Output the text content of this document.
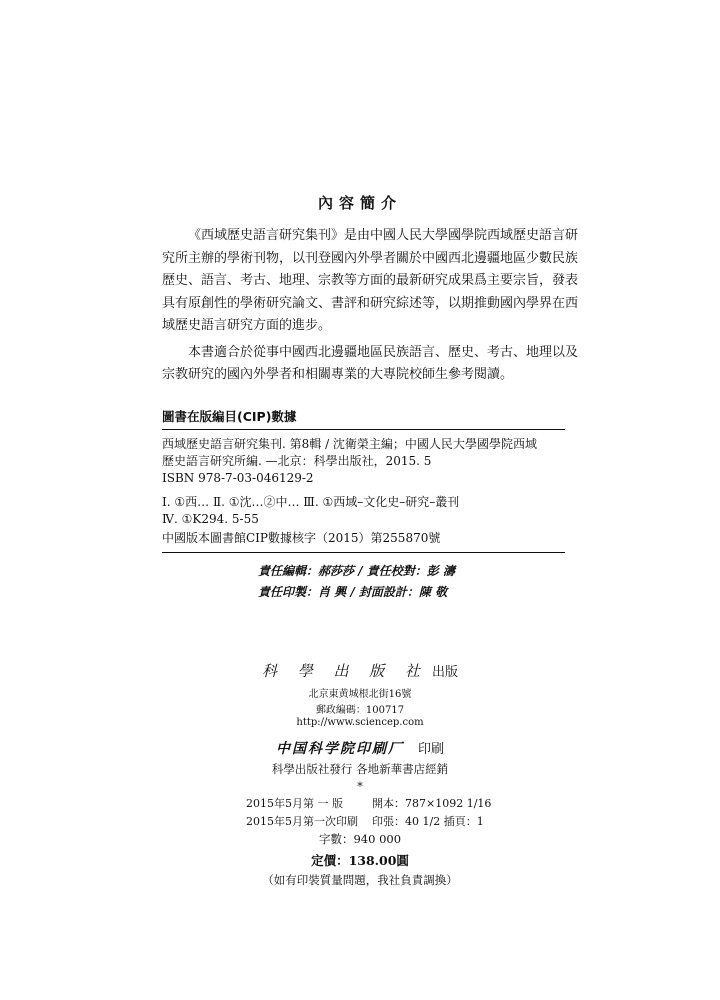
內容簡介

《西域歷史語言研究集刊》是由中國人民大學國學院西域歷史語言研
究所主辦的學術刊物，以刊登國內外學者關於中國西北邊疆地區少數民族
歷史、語言、考古、地理、宗教等方面的最新研究成果爲主要宗旨，發表
具有原創性的學術研究論文、書評和研究綜述等，以期推動國內學界在西
域歷史語言研究方面的進步。

本書適合於從事中國西北邊疆地區民族語言、歷史、考古、地理以及
宗教研究的國內外學者和相關專業的大專院校師生參考閱讀。

圖書在版編目(CIP)數據
西域歷史語言研究集刊. 第8輯 / 沈衛榮主編；中國人民大學國學院西域
歷史語言研究所編. —北京：科學出版社，2015. 5
ISBN 978-7-03-046129-2
Ⅰ. ①西… Ⅱ. ①沈…②中… Ⅲ. ①西域–文化史–研究–叢刊
Ⅳ. ①K294. 5-55
中國版本圖書館CIP數據核字（2015）第255870號
責任編輯：郝莎莎 / 責任校對：彭 濤
責任印製：肖 興 / 封面設計：陳 敬
科 學 出 版 社 出版
北京東黄城根北街16號
郵政編碼：100717
http://www.sciencep.com
中国科学院印刷厂 印刷
科學出版社發行 各地新華書店經銷
*
2015年5月第 一 版	開本：787×1092 1/16
2015年5月第一次印刷 印張：40 1/2 插頁：1
字數：940 000
定價：138.00圓
（如有印裝質量問題，我社負責調換）
